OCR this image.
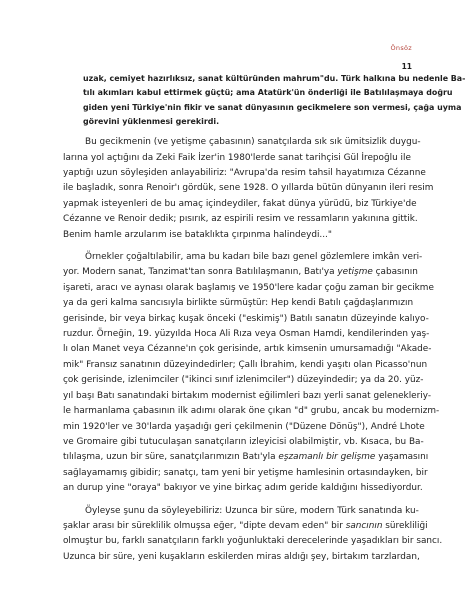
Önsöz
11
uzak, cemiyet hazırlıksız, sanat kültüründen mahrum"du. Türk halkına bu nedenle Ba-
tılı akımları kabul ettirmek güçtü; ama Atatürk'ün önderliği ile Batılılaşmaya doğru
giden yeni Türkiye'nin fikir ve sanat dünyasının gecikmelere son vermesi, çağa uyma
görevini yüklenmesi gerekirdi.
Bu gecikmenin (ve yetişme çabasının) sanatçılarda sık sık ümitsizlik duygu-
larına yol açtığını da Zeki Faik İzer'in 1980'lerde sanat tarihçisi Gül İrepoğlu ile
yaptığı uzun söyleşiden anlayabiliriz: "Avrupa'da resim tahsil hayatımıza Cézanne
ile başladık, sonra Renoir'ı gördük, sene 1928. O yıllarda bütün dünyanın ileri resim
yapmak isteyenleri de bu amaç içindeydiler, fakat dünya yürüdü, biz Türkiye'de
Cézanne ve Renoir dedik; pısırık, az espirili resim ve ressamların yakınına gittik.
Benim hamle arzularım ise bataklıkta çırpınma halindeydi..."
Örnekler çoğaltılabilir, ama bu kadarı bile bazı genel gözlemlere imkân veri-
yor. Modern sanat, Tanzimat'tan sonra Batılılaşmanın, Batı'ya yetişme çabasının
işareti, aracı ve aynası olarak başlamış ve 1950'lere kadar çoğu zaman bir gecikme
ya da geri kalma sancısıyla birlikte sürmüştür: Hep kendi Batılı çağdaşlarımızın
gerisinde, bir veya birkaç kuşak önceki ("eskimiş") Batılı sanatın düzeyinde kalıyo-
ruzdur. Örneğin, 19. yüzyılda Hoca Ali Rıza veya Osman Hamdi, kendilerinden yaş-
lı olan Manet veya Cézanne'ın çok gerisinde, artık kimsenin umursamadığı "Akade-
mik" Fransız sanatının düzeyindedirler; Çallı İbrahim, kendi yaşıtı olan Picasso'nun
çok gerisinde, izlenimciler ("ikinci sınıf izlenimciler") düzeyindedir; ya da 20. yüz-
yıl başı Batı sanatındaki birtakım modernist eğilimleri bazı yerli sanat gelenekleriy-
le harmanlama çabasının ilk adımı olarak öne çıkan "d" grubu, ancak bu modernizm-
min 1920'ler ve 30'larda yaşadığı geri çekilmenin ("Düzene Dönüş"), André Lhote
ve Gromaire gibi tutuculaşan sanatçıların izleyicisi olabilmiştir, vb. Kısaca, bu Ba-
tılılaşma, uzun bir süre, sanatçılarımızın Batı'yla eşzamanlı bir gelişme yaşamasını
sağlayamamış gibidir; sanatçı, tam yeni bir yetişme hamlesinin ortasındayken, bir
an durup yine "oraya" bakıyor ve yine birkaç adım geride kaldığını hissediyordur.
Öyleyse şunu da söyleyebiliriz: Uzunca bir süre, modern Türk sanatında ku-
şaklar arası bir süreklilik olmuşsa eğer, "dipte devam eden" bir sancının sürekliliği
olmuştur bu, farklı sanatçıların farklı yoğunluktaki derecelerinde yaşadıkları bir sancı.
Uzunca bir süre, yeni kuşakların eskilerden miras aldığı şey, birtakım tarzlardan,
